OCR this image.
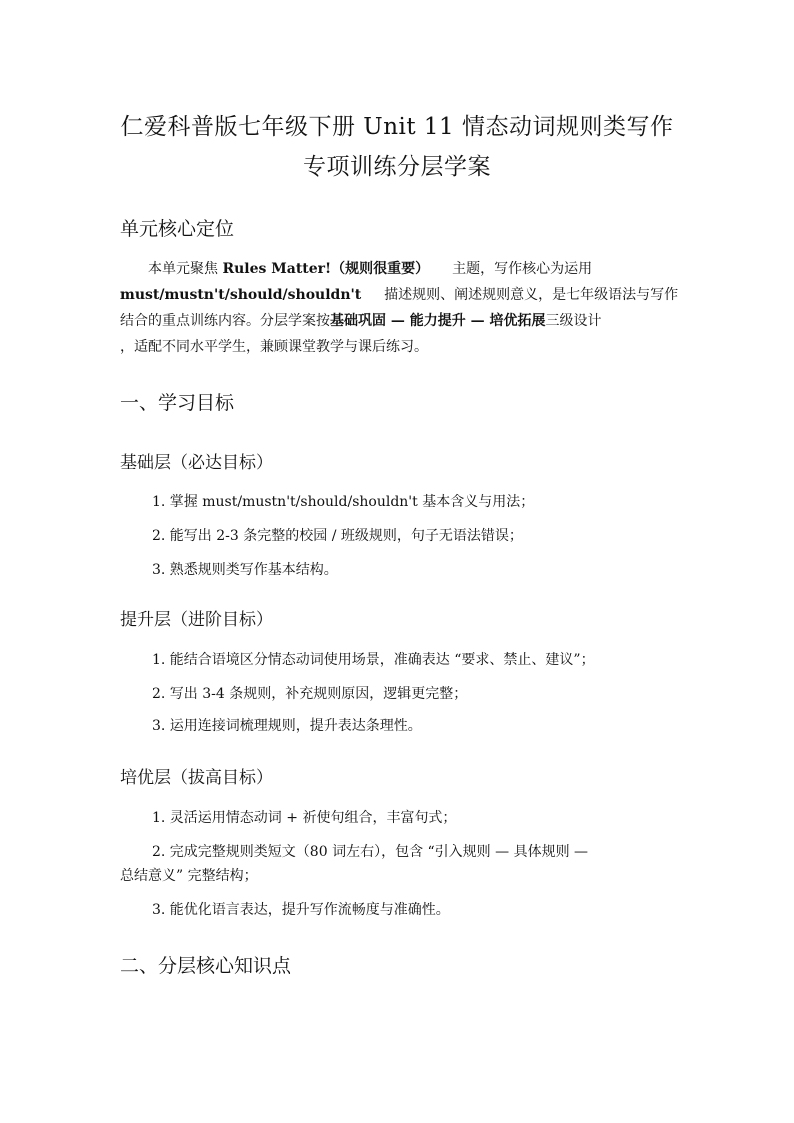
仁爱科普版七年级下册 Unit 11 情态动词规则类写作
专项训练分层学案
单元核心定位
本单元聚焦 Rules Matter!（规则很重要） 主题，写作核心为运用
must/mustn't/should/shouldn't 描述规则、阐述规则意义，是七年级语法与写作
结合的重点训练内容。分层学案按基础巩固 — 能力提升 — 培优拓展三级设计
，适配不同水平学生，兼顾课堂教学与课后练习。
一、学习目标
基础层（必达目标）

1. 掌握 must/mustn't/should/shouldn't 基本含义与用法；

2. 能写出 2-3 条完整的校园 / 班级规则，句子无语法错误；

3. 熟悉规则类写作基本结构。

提升层（进阶目标）

1. 能结合语境区分情态动词使用场景，准确表达 “要求、禁止、建议”；

2. 写出 3-4 条规则，补充规则原因，逻辑更完整；

3. 运用连接词梳理规则，提升表达条理性。

培优层（拔高目标）

1. 灵活运用情态动词 + 祈使句组合，丰富句式；

2. 完成完整规则类短文（80 词左右），包含 “引入规则 — 具体规则 —

总结意义” 完整结构；

3. 能优化语言表达，提升写作流畅度与准确性。

二、分层核心知识点
